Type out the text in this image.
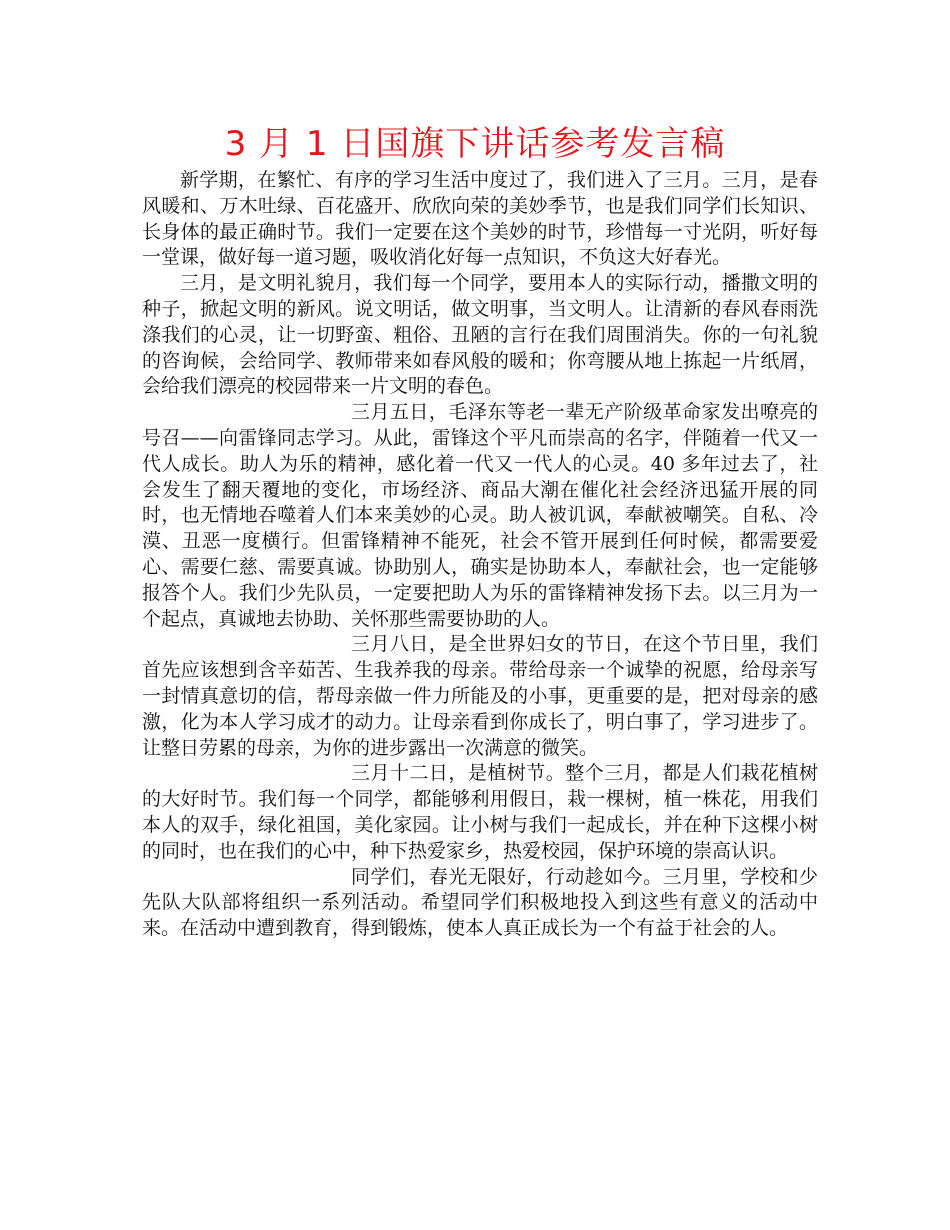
3 月 1 日国旗下讲话参考发言稿

新学期，在繁忙、有序的学习生活中度过了，我们进入了三月。三月，是春风暖和、万木吐绿、百花盛开、欣欣向荣的美妙季节，也是我们同学们长知识、长身体的最正确时节。我们一定要在这个美妙的时节，珍惜每一寸光阴，听好每一堂课，做好每一道习题，吸收消化好每一点知识，不负这大好春光。

三月，是文明礼貌月，我们每一个同学，要用本人的实际行动，播撒文明的种子，掀起文明的新风。说文明话，做文明事，当文明人。让清新的春风春雨洗涤我们的心灵，让一切野蛮、粗俗、丑陋的言行在我们周围消失。你的一句礼貌的咨询候，会给同学、教师带来如春风般的暖和；你弯腰从地上拣起一片纸屑，会给我们漂亮的校园带来一片文明的春色。

三月五日，毛泽东等老一辈无产阶级革命家发出嘹亮的号召——向雷锋同志学习。从此，雷锋这个平凡而崇高的名字，伴随着一代又一代人成长。助人为乐的精神，感化着一代又一代人的心灵。40 多年过去了，社会发生了翻天覆地的变化，市场经济、商品大潮在催化社会经济迅猛开展的同时，也无情地吞噬着人们本来美妙的心灵。助人被讥讽，奉献被嘲笑。自私、冷漠、丑恶一度横行。但雷锋精神不能死，社会不管开展到任何时候，都需要爱心、需要仁慈、需要真诚。协助别人，确实是协助本人，奉献社会，也一定能够报答个人。我们少先队员，一定要把助人为乐的雷锋精神发扬下去。以三月为一个起点，真诚地去协助、关怀那些需要协助的人。

三月八日，是全世界妇女的节日，在这个节日里，我们首先应该想到含辛茹苦、生我养我的母亲。带给母亲一个诚挚的祝愿，给母亲写一封情真意切的信，帮母亲做一件力所能及的小事，更重要的是，把对母亲的感激，化为本人学习成才的动力。让母亲看到你成长了，明白事了，学习进步了。让整日劳累的母亲，为你的进步露出一次满意的微笑。

三月十二日，是植树节。整个三月，都是人们栽花植树的大好时节。我们每一个同学，都能够利用假日，栽一棵树，植一株花，用我们本人的双手，绿化祖国，美化家园。让小树与我们一起成长，并在种下这棵小树的同时，也在我们的心中，种下热爱家乡，热爱校园，保护环境的崇高认识。

同学们，春光无限好，行动趁如今。三月里，学校和少先队大队部将组织一系列活动。希望同学们积极地投入到这些有意义的活动中来。在活动中遭到教育，得到锻炼，使本人真正成长为一个有益于社会的人。
